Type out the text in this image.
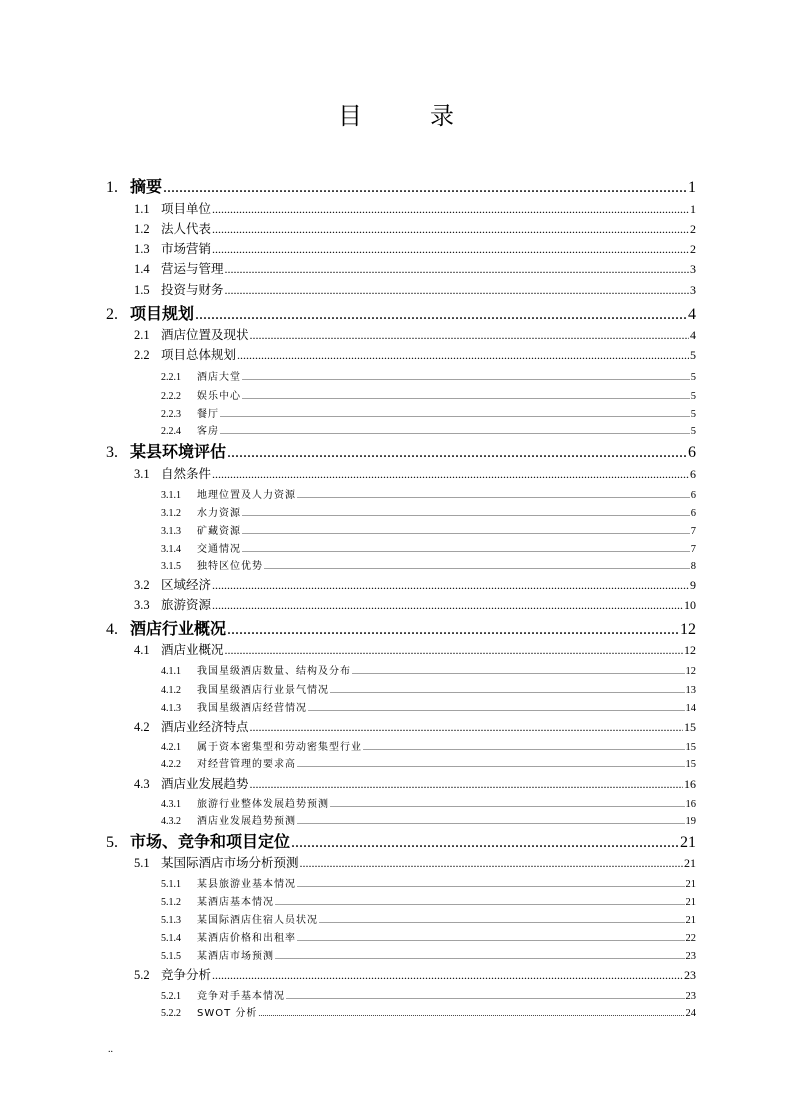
目　录
1. 摘要 .....	1
1.1 项目单位 .....	1
1.2 法人代表 .....	2
1.3 市场营销 .....	2
1.4 营运与管理 .....	3
1.5 投资与财务 .....	3
2. 项目规划 .....	4
2.1 酒店位置及现状 .....	4
2.2 项目总体规划 .....	5
2.2.1	酒店大堂 .....	5
2.2.2	娱乐中心 .....	5
2.2.3	餐厅 .....	5
2.2.4	客房 .....	5
3. 某县环境评估 .....	6
3.1 自然条件 .....	6
3.1.1	地理位置及人力资源 .....	6
3.1.2	水力资源 .....	6
3.1.3	矿藏资源 .....	7
3.1.4	交通情况 .....	7
3.1.5	独特区位优势 .....	8
3.2 区域经济 .....	9
3.3 旅游资源 .....	10
4. 酒店行业概况 .....	12
4.1 酒店业概况 .....	12
4.1.1	我国星级酒店数量、结构及分布 .....	12
4.1.2	我国星级酒店行业景气情况 .....	13
4.1.3	我国星级酒店经营情况 .....	14
4.2 酒店业经济特点 .....	15
4.2.1	属于资本密集型和劳动密集型行业 .....	15
4.2.2	对经营管理的要求高 .....	15
4.3 酒店业发展趋势 .....	16
4.3.1	旅游行业整体发展趋势预测 .....	16
4.3.2	酒店业发展趋势预测 .....	19
5. 市场、竞争和项目定位 .....	21
5.1 某国际酒店市场分析预测 .....	21
5.1.1	某县旅游业基本情况 .....	21
5.1.2	某酒店基本情况 .....	21
5.1.3	某国际酒店住宿人员状况 .....	21
5.1.4	某酒店价格和出租率 .....	22
5.1.5	某酒店市场预测 .....	23
5.2 竞争分析 .....	23
5.2.1	竞争对手基本情况 .....	23
5.2.2	SWOT 分析 .....	24
..
